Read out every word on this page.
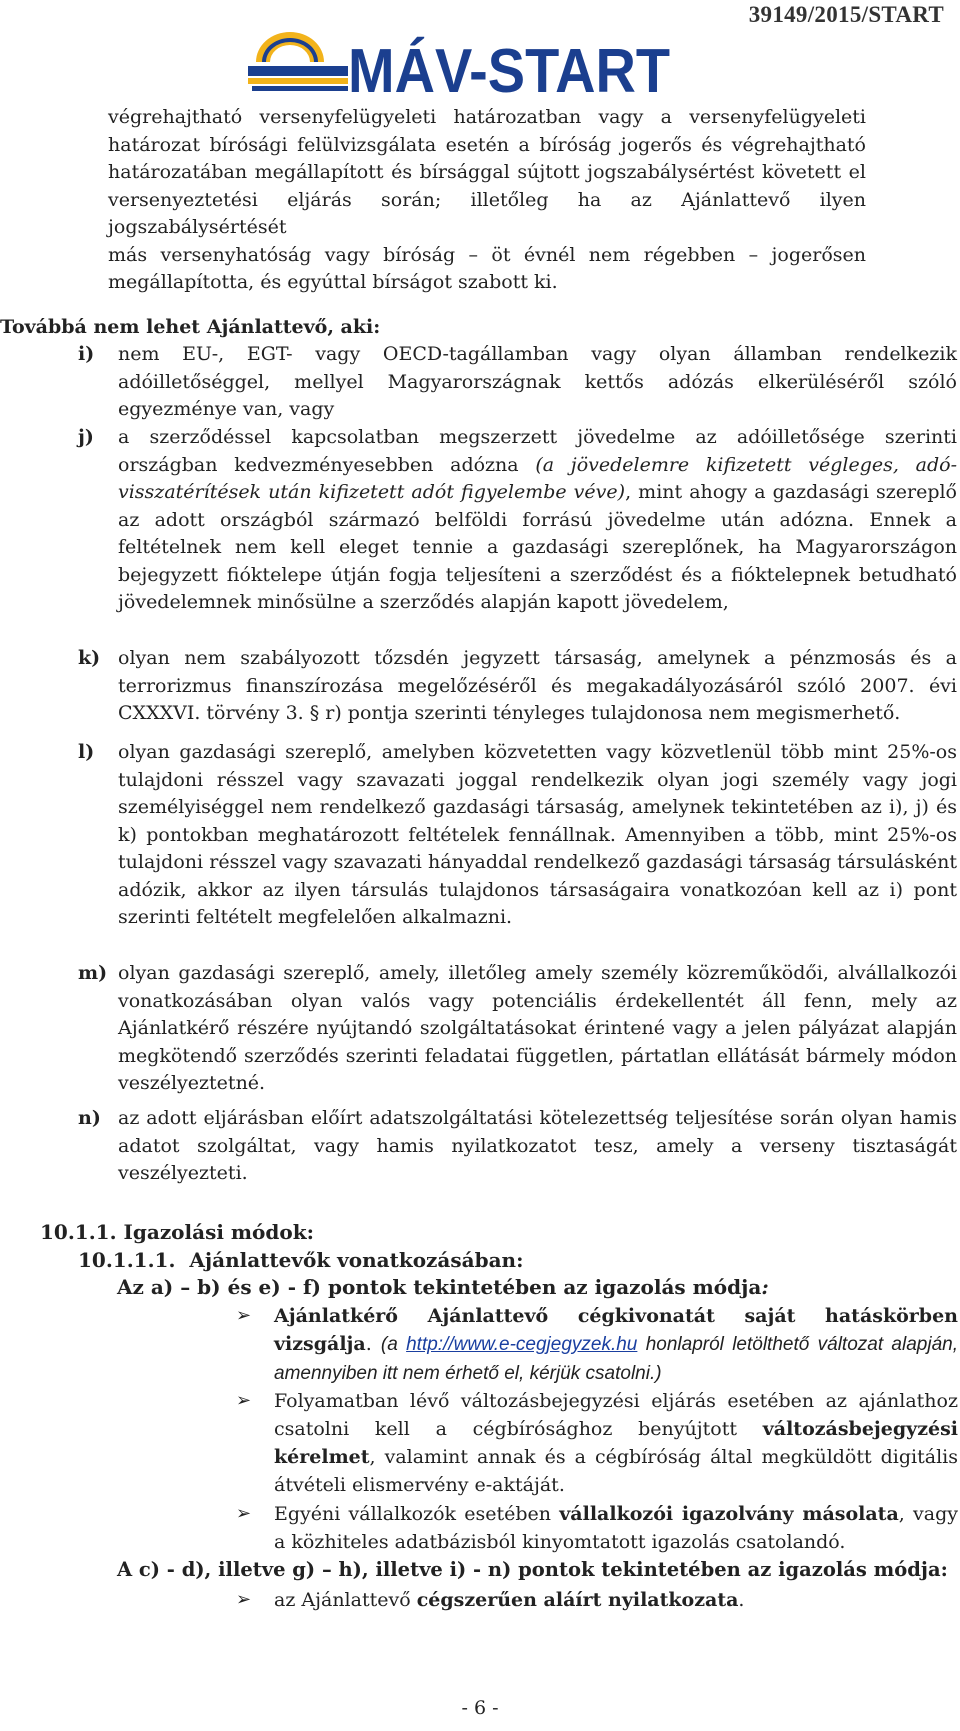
39149/2015/START
MÁV-START
végrehajtható versenyfelügyeleti határozatban vagy a versenyfelügyeleti
határozat bírósági felülvizsgálata esetén a bíróság jogerős és végrehajtható
határozatában megállapított és bírsággal sújtott jogszabálysértést követett el
versenyeztetési eljárás során; illetőleg ha az Ajánlattevő ilyen jogszabálysértését
más versenyhatóság vagy bíróság – öt évnél nem régebben – jogerősen
megállapította, és egyúttal bírságot szabott ki.
Továbbá nem lehet Ajánlattevő, aki:
i) nem EU-, EGT- vagy OECD-tagállamban vagy olyan államban rendelkezik adóilletőséggel, mellyel Magyarországnak kettős adózás elkerüléséről szóló egyezménye van, vagy
j) a szerződéssel kapcsolatban megszerzett jövedelme az adóilletősége szerinti országban kedvezményesebben adózna (a jövedelemre kifizetett végleges, adó-visszatérítések után kifizetett adót figyelembe véve), mint ahogy a gazdasági szereplő az adott országból származó belföldi forrású jövedelme után adózna. Ennek a feltételnek nem kell eleget tennie a gazdasági szereplőnek, ha Magyarországon bejegyzett fióktelepe útján fogja teljesíteni a szerződést és a fióktelepnek betudható jövedelemnek minősülne a szerződés alapján kapott jövedelem,
k) olyan nem szabályozott tőzsdén jegyzett társaság, amelynek a pénzmosás és a terrorizmus finanszírozása megelőzéséről és megakadályozásáról szóló 2007. évi CXXXVI. törvény 3. § r) pontja szerinti tényleges tulajdonosa nem megismerhető.
l) olyan gazdasági szereplő, amelyben közvetetten vagy közvetlenül több mint 25%-os tulajdoni résszel vagy szavazati joggal rendelkezik olyan jogi személy vagy jogi személyiséggel nem rendelkező gazdasági társaság, amelynek tekintetében az i), j) és k) pontokban meghatározott feltételek fennállnak. Amennyiben a több, mint 25%-os tulajdoni résszel vagy szavazati hányaddal rendelkező gazdasági társaság társulásként adózik, akkor az ilyen társulás tulajdonos társaságaira vonatkozóan kell az i) pont szerinti feltételt megfelelően alkalmazni.
m) olyan gazdasági szereplő, amely, illetőleg amely személy közreműködői, alvállalkozói vonatkozásában olyan valós vagy potenciális érdekellentét áll fenn, mely az Ajánlatkérő részére nyújtandó szolgáltatásokat érintené vagy a jelen pályázat alapján megkötendő szerződés szerinti feladatai független, pártatlan ellátását bármely módon veszélyeztetné.
n) az adott eljárásban előírt adatszolgáltatási kötelezettség teljesítése során olyan hamis adatot szolgáltat, vagy hamis nyilatkozatot tesz, amely a verseny tisztaságát veszélyezteti.
10.1.1. Igazolási módok:
10.1.1.1.  Ajánlattevők vonatkozásában:
Az a) – b) és e) - f) pontok tekintetében az igazolás módja:
➢ Ajánlatkérő Ajánlattevő cégkivonatát saját hatáskörben vizsgálja. (a http://www.e-cegjegyzek.hu honlapról letölthető változat alapján, amennyiben itt nem érhető el, kérjük csatolni.)
➢ Folyamatban lévő változásbejegyzési eljárás esetében az ajánlathoz csatolni kell a cégbírósághoz benyújtott változásbejegyzési kérelmet, valamint annak és a cégbíróság által megküldött digitális átvételi elismervény e-aktáját.
➢ Egyéni vállalkozók esetében vállalkozói igazolvány másolata, vagy a közhiteles adatbázisból kinyomtatott igazolás csatolandó.
A c) - d), illetve g) – h), illetve i) - n) pontok tekintetében az igazolás módja:
➢ az Ajánlattevő cégszerűen aláírt nyilatkozata.
- 6 -
